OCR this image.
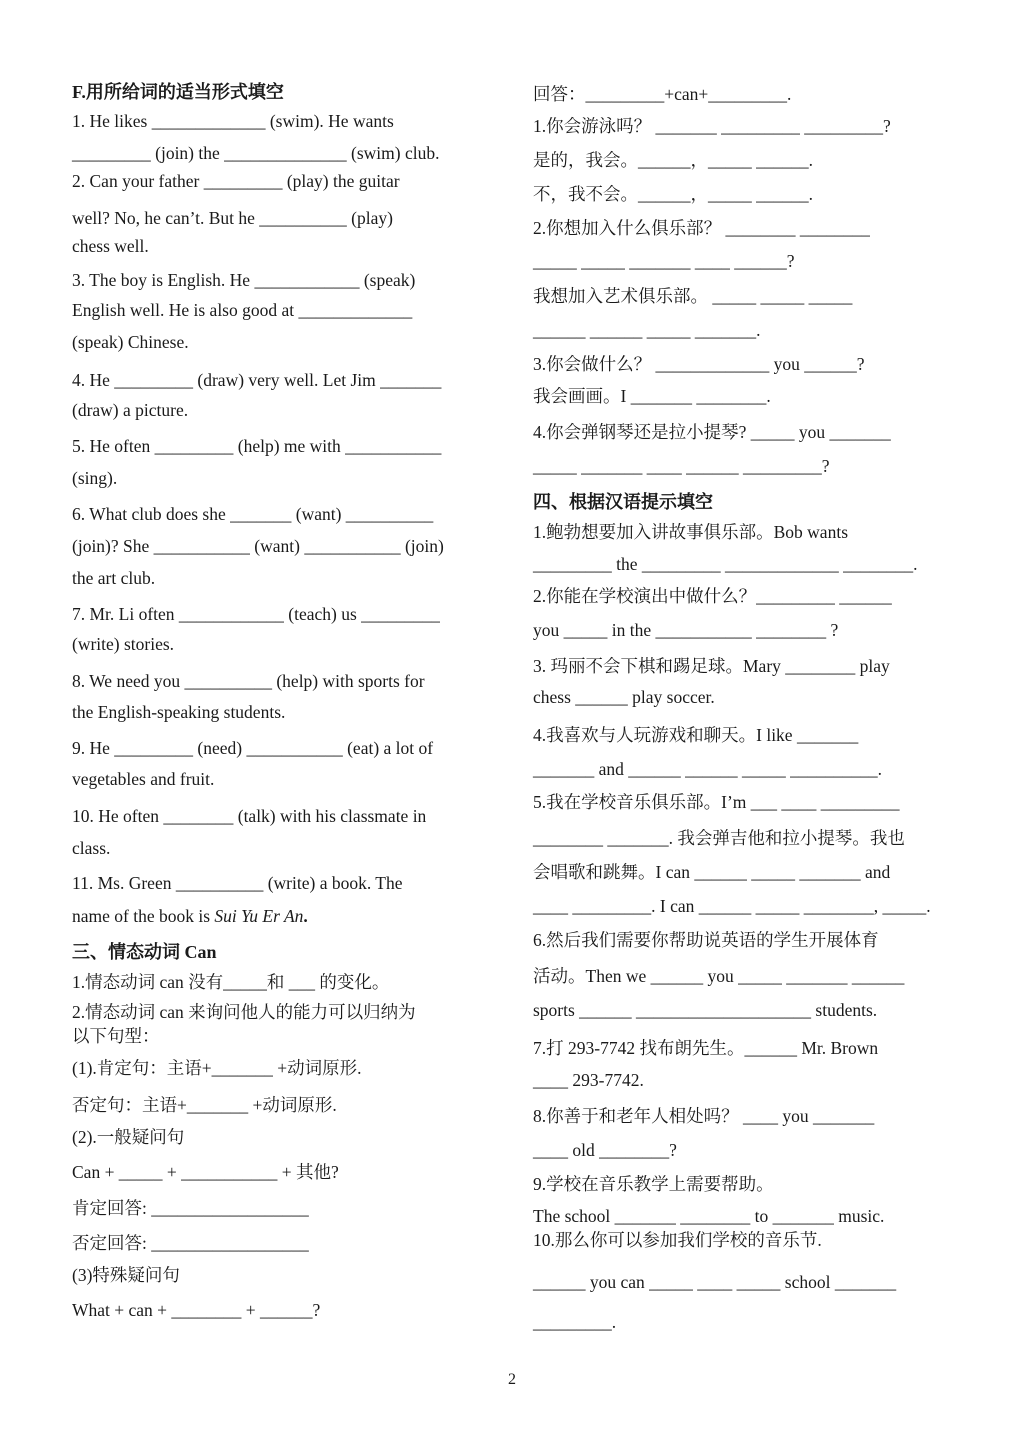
F.用所给词的适当形式填空
1. He likes _____________ (swim). He wants
_________ (join) the ______________ (swim) club.
2. Can your father _________ (play) the guitar
well? No, he can’t. But he __________ (play)
chess well.
3. The boy is English. He ____________ (speak)
English well. He is also good at _____________
(speak) Chinese.
4. He _________ (draw) very well. Let Jim _______
(draw) a picture.
5. He often _________ (help) me with ___________
(sing).
6. What club does she _______ (want) __________
(join)? She ___________ (want) ___________ (join)
the art club.
7. Mr. Li often ____________ (teach) us _________
(write) stories.
8. We need you __________ (help) with sports for
the English-speaking students.
9. He _________ (need) ___________ (eat) a lot of
vegetables and fruit.
10. He often ________ (talk) with his classmate in
class.
11. Ms. Green __________ (write) a book. The
name of the book is Sui Yu Er An.
三、情态动词 Can
1.情态动词 can 没有_____和 ___ 的变化。
2.情态动词 can 来询问他人的能力可以归纳为
以下句型：
(1).肯定句：主语+_______ +动词原形.
否定句：主语+_______ +动词原形.
(2).一般疑问句
Can + _____ + ___________ + 其他?
肯定回答: __________________
否定回答: __________________
(3)特殊疑问句
What + can + ________ + ______?
回答：_________+can+_________.
1.你会游泳吗？ _______ _________ _________?
是的，我会。______，_____ ______.
不，我不会。______，_____ ______.
2.你想加入什么俱乐部？ ________ ________
_____ _____ _______ ____ ______?
我想加入艺术俱乐部。 _____ _____ _____
______ ______ _____ _______.
3.你会做什么？ _____________ you ______?
我会画画。I _______ ________.
4.你会弹钢琴还是拉小提琴? _____ you _______
_____ _______ ____ ______ _________?
四、根据汉语提示填空
1.鲍勃想要加入讲故事俱乐部。Bob wants
_________ the _________ _____________ ________.
2.你能在学校演出中做什么？_________ ______
you _____ in the ___________ ________ ?
3. 玛丽不会下棋和踢足球。Mary ________ play
chess ______ play soccer.
4.我喜欢与人玩游戏和聊天。I like _______
_______ and ______ ______ _____ __________.
5.我在学校音乐俱乐部。I’m ___ ____ _________
________ _______. 我会弹吉他和拉小提琴。我也
会唱歌和跳舞。I can ______ _____ _______ and
____ _________. I can ______ _____ ________, _____.
6.然后我们需要你帮助说英语的学生开展体育
活动。Then we ______ you _____ _______ ______
sports ______ ____________________ students.
7.打 293-7742 找布朗先生。______ Mr. Brown
____ 293-7742.
8.你善于和老年人相处吗？ ____ you _______
____ old ________?
9.学校在音乐教学上需要帮助。
The school _______ ________ to _______ music.
10.那么你可以参加我们学校的音乐节.
______ you can _____ ____ _____ school _______
_________.
2
